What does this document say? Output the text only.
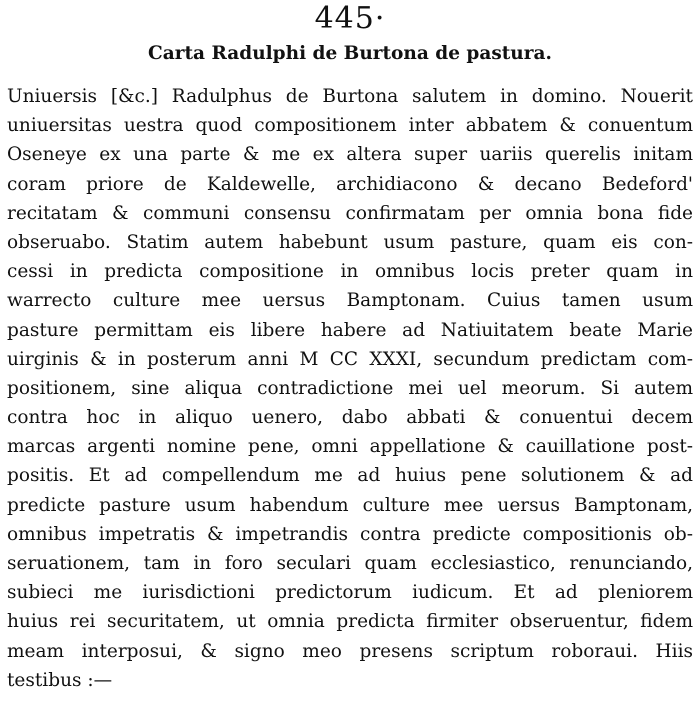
445·
Carta Radulphi de Burtona de pastura.
Uniuersis [&c.] Radulphus de Burtona salutem in domino. Nouerit
uniuersitas uestra quod compositionem inter abbatem & conuentum
Oseneye ex una parte & me ex altera super uariis querelis initam
coram priore de Kaldewelle, archidiacono & decano Bedeford'
recitatam & communi consensu confirmatam per omnia bona fide
obseruabo. Statim autem habebunt usum pasture, quam eis con-
cessi in predicta compositione in omnibus locis preter quam in
warrecto culture mee uersus Bamptonam. Cuius tamen usum
pasture permittam eis libere habere ad Natiuitatem beate Marie
uirginis & in posterum anni M CC XXXI, secundum predictam com-
positionem, sine aliqua contradictione mei uel meorum. Si autem
contra hoc in aliquo uenero, dabo abbati & conuentui decem
marcas argenti nomine pene, omni appellatione & cauillatione post-
positis. Et ad compellendum me ad huius pene solutionem & ad
predicte pasture usum habendum culture mee uersus Bamptonam,
omnibus impetratis & impetrandis contra predicte compositionis ob-
seruationem, tam in foro seculari quam ecclesiastico, renunciando,
subieci me iurisdictioni predictorum iudicum. Et ad pleniorem
huius rei securitatem, ut omnia predicta firmiter obseruentur, fidem
meam interposui, & signo meo presens scriptum roboraui. Hiis
testibus :—
